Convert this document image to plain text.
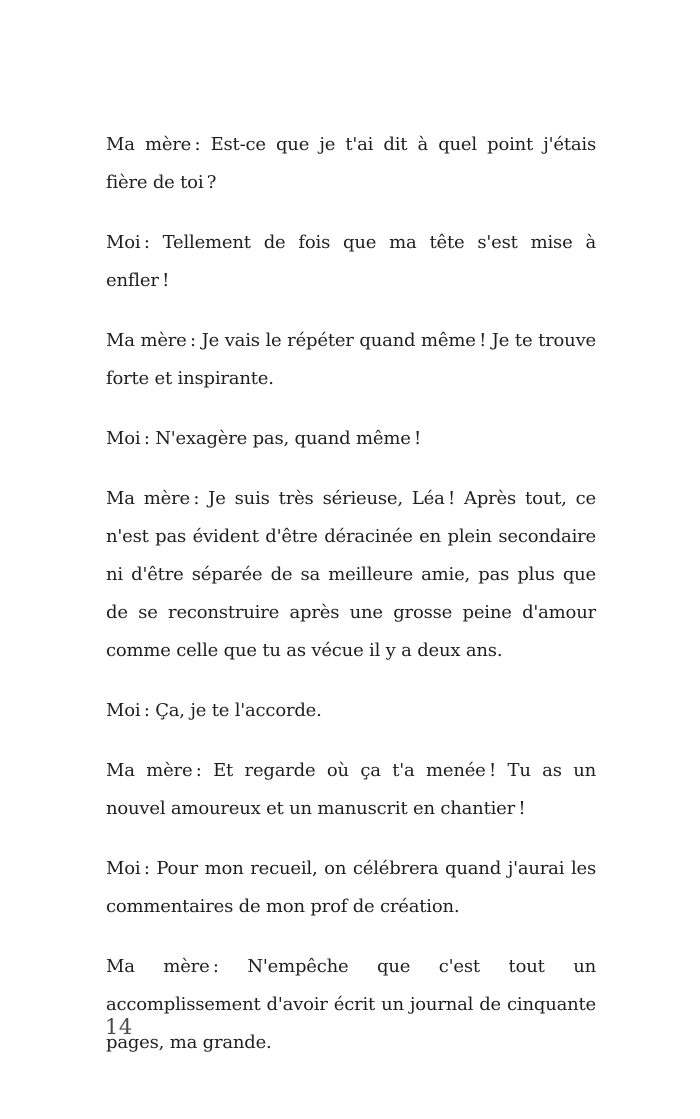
Ma mère : Est-ce que je t'ai dit à quel point j'étais fière de toi ?

Moi : Tellement de fois que ma tête s'est mise à enfler !

Ma mère : Je vais le répéter quand même ! Je te trouve forte et inspirante.

Moi : N'exagère pas, quand même !

Ma mère : Je suis très sérieuse, Léa ! Après tout, ce n'est pas évident d'être déracinée en plein secondaire ni d'être séparée de sa meilleure amie, pas plus que de se reconstruire après une grosse peine d'amour comme celle que tu as vécue il y a deux ans.

Moi : Ça, je te l'accorde.

Ma mère : Et regarde où ça t'a menée ! Tu as un nouvel amoureux et un manuscrit en chantier !

Moi : Pour mon recueil, on célébrera quand j'aurai les commentaires de mon prof de création.

Ma mère : N'empêche que c'est tout un accomplissement d'avoir écrit un journal de cinquante pages, ma grande.

14
